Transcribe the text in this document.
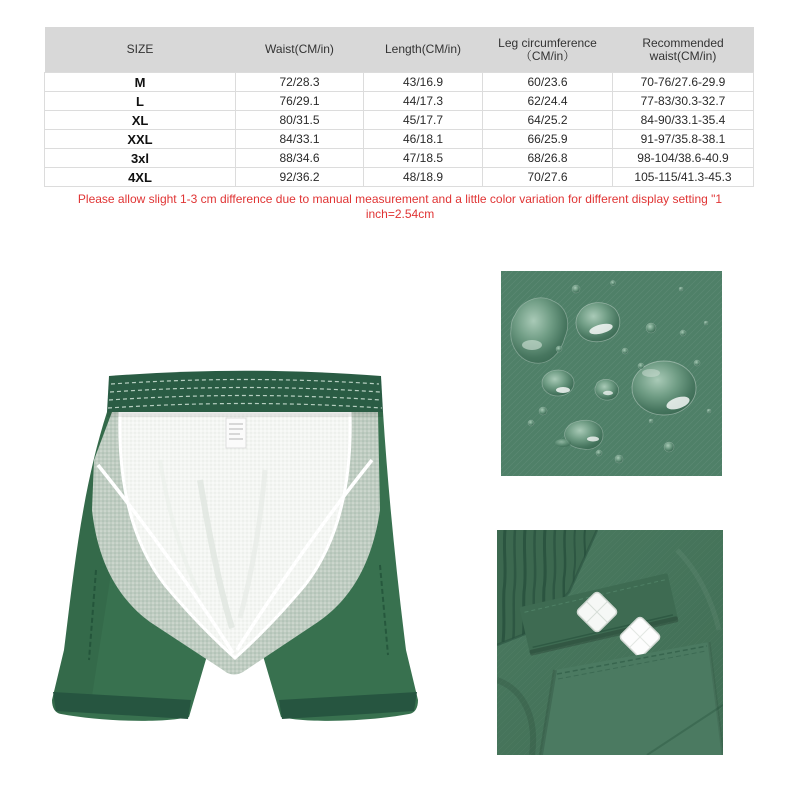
SIZE	Waist(CM/in)	Length(CM/in)	Leg circumference （CM/in）	Recommended waist(CM/in)
M	72/28.3	43/16.9	60/23.6	70-76/27.6-29.9
L	76/29.1	44/17.3	62/24.4	77-83/30.3-32.7
XL	80/31.5	45/17.7	64/25.2	84-90/33.1-35.4
XXL	84/33.1	46/18.1	66/25.9	91-97/35.8-38.1
3xl	88/34.6	47/18.5	68/26.8	98-104/38.6-40.9
4XL	92/36.2	48/18.9	70/27.6	105-115/41.3-45.3
Please allow slight 1-3 cm difference due to manual measurement and a little color variation for different display setting "1 inch=2.54cm
